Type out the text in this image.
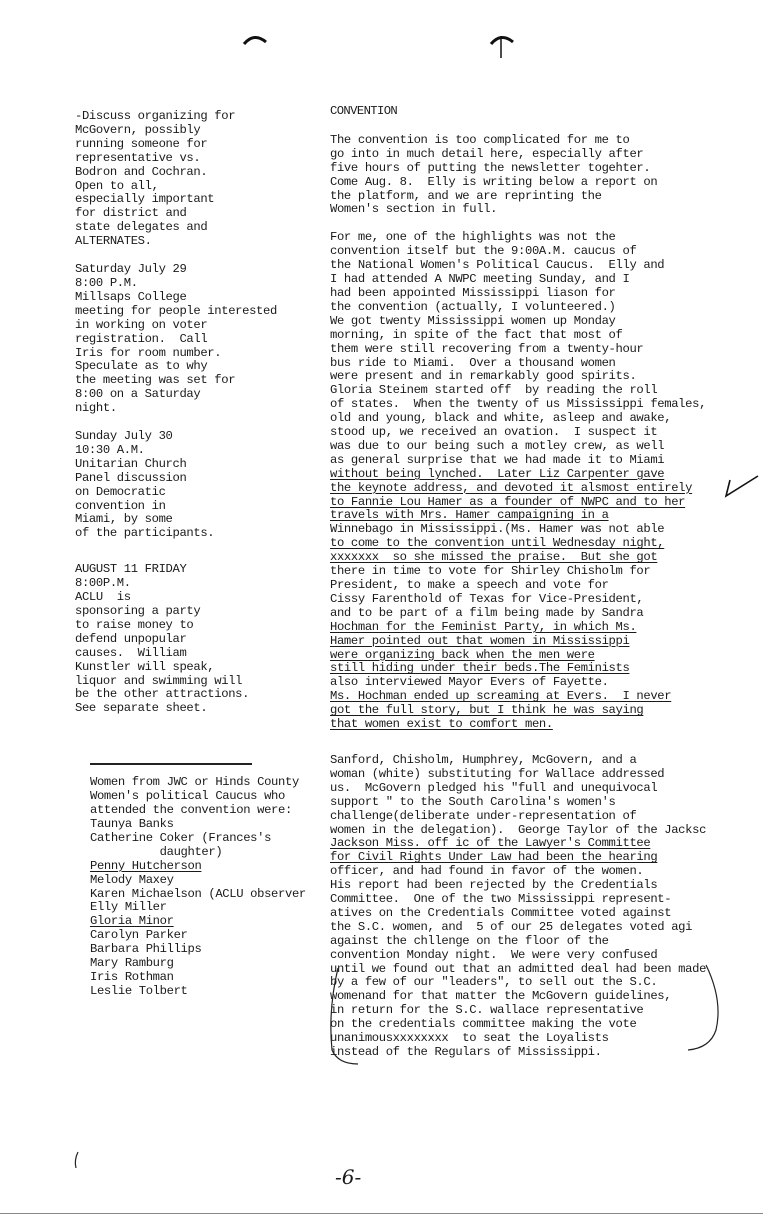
-Discuss organizing for
McGovern, possibly
running someone for
representative vs.
Bodron and Cochran.
Open to all,
especially important
for district and
state delegates and
ALTERNATES.
Saturday July 29
8:00 P.M.
Millsaps College
meeting for people interested
in working on voter
registration.  Call
Iris for room number.
Speculate as to why
the meeting was set for
8:00 on a Saturday
night.
Sunday July 30
10:30 A.M.
Unitarian Church
Panel discussion
on Democratic
convention in
Miami, by some
of the participants.
AUGUST 11 FRIDAY
8:00P.M.
ACLU  is
sponsoring a party
to raise money to
defend unpopular
causes.  William
Kunstler will speak,
liquor and swimming will
be the other attractions.
See separate sheet.
Women from JWC or Hinds County
Women's political Caucus who
attended the convention were:
Taunya Banks
Catherine Coker (Frances's
daughter)
Penny Hutcherson
Melody Maxey
Karen Michaelson (ACLU observer
Elly Miller
Gloria Minor
Carolyn Parker
Barbara Phillips
Mary Ramburg
Iris Rothman
Leslie Tolbert
CONVENTION
The convention is too complicated for me to
go into in much detail here, especially after
five hours of putting the newsletter togehter.
Come Aug. 8.  Elly is writing below a report on
the platform, and we are reprinting the
Women's section in full.
For me, one of the highlights was not the
convention itself but the 9:00A.M. caucus of
the National Women's Political Caucus.  Elly and
I had attended A NWPC meeting Sunday, and I
had been appointed Mississippi liason for
the convention (actually, I volunteered.)
We got twenty Mississippi women up Monday
morning, in spite of the fact that most of
them were still recovering from a twenty-hour
bus ride to Miami.  Over a thousand women
were present and in remarkably good spirits.
Gloria Steinem started off  by reading the roll
of states.  When the twenty of us Mississippi females,
old and young, black and white, asleep and awake,
stood up, we received an ovation.  I suspect it
was due to our being such a motley crew, as well
as general surprise that we had made it to Miami
without being lynched.  Later Liz Carpenter gave
the keynote address, and devoted it alsmost entirely
to Fannie Lou Hamer as a founder of NWPC and to her
travels with Mrs. Hamer campaigning in a
Winnebago in Mississippi.(Ms. Hamer was not able
to come to the convention until Wednesday night,
xxxxxxx  so she missed the praise.  But she got
there in time to vote for Shirley Chisholm for
President, to make a speech and vote for
Cissy Farenthold of Texas for Vice-President,
and to be part of a film being made by Sandra
Hochman for the Feminist Party, in which Ms.
Hamer pointed out that women in Mississippi
were organizing back when the men were
still hiding under their beds.The Feminists
also interviewed Mayor Evers of Fayette.
Ms. Hochman ended up screaming at Evers.  I never
got the full story, but I think he was saying
that women exist to comfort men.
Sanford, Chisholm, Humphrey, McGovern, and a
woman (white) substituting for Wallace addressed
us.  McGovern pledged his "full and unequivocal
support " to the South Carolina's women's
challenge(deliberate under-representation of
women in the delegation).  George Taylor of the Jacksc
Jackson Miss. off ic of the Lawyer's Committee
for Civil Rights Under Law had been the hearing
officer, and had found in favor of the women.
His report had been rejected by the Credentials
Committee.  One of the two Mississippi represent-
atives on the Credentials Committee voted against
the S.C. women, and  5 of our 25 delegates voted agi
against the chllenge on the floor of the
convention Monday night.  We were very confused
until we found out that an admitted deal had been made
by a few of our "leaders", to sell out the S.C.
womenand for that matter the McGovern guidelines,
in return for the S.C. wallace representative
on the credentials committee making the vote
unanimousxxxxxxxx  to seat the Loyalists
instead of the Regulars of Mississippi.
-6-
